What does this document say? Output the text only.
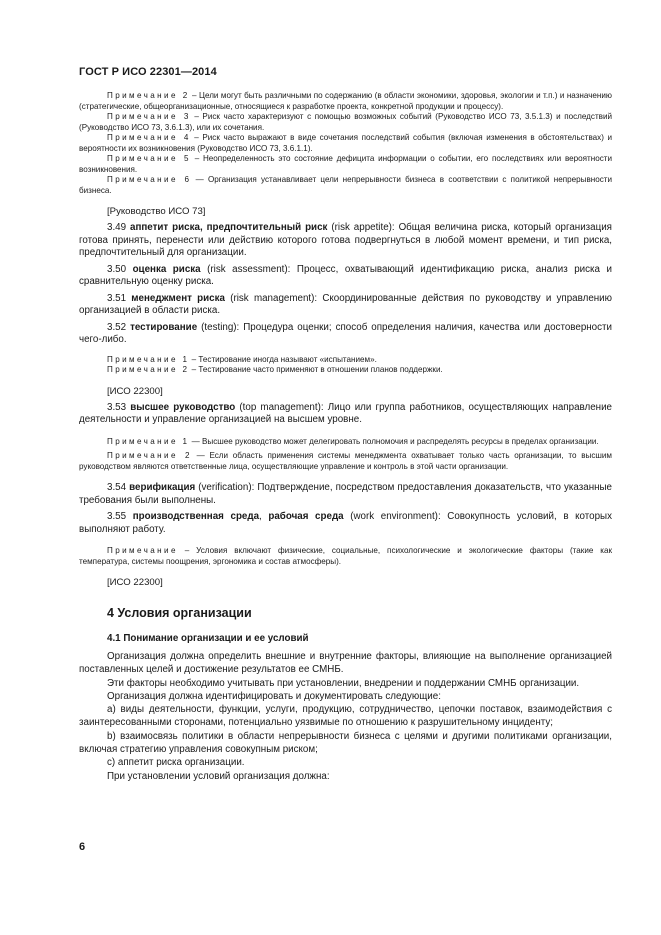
ГОСТ Р ИСО 22301—2014

Примечание 2 – Цели могут быть различными по содержанию (в области экономики, здоровья, экологии и т.п.) и назначению (стратегические, общеорганизационные, относящиеся к разработке проекта, конкретной продукции и процессу).

Примечание 3 – Риск часто характеризуют с помощью возможных событий (Руководство ИСО 73, 3.5.1.3) и последствий (Руководство ИСО 73, 3.6.1.3), или их сочетания.

Примечание 4 – Риск часто выражают в виде сочетания последствий события (включая изменения в обстоятельствах) и вероятности их возникновения (Руководство ИСО 73, 3.6.1.1).

Примечание 5 – Неопределенность это состояние дефицита информации о событии, его последствиях или вероятности возникновения.

Примечание 6 — Организация устанавливает цели непрерывности бизнеса в соответствии с политикой непрерывности бизнеса.

[Руководство ИСО 73]

3.49 аппетит риска, предпочтительный риск (risk appetite): Общая величина риска, который организация готова принять, перенести или действию которого готова подвергнуться в любой момент времени, и тип риска, предпочтительный для организации.

3.50 оценка риска (risk assessment): Процесс, охватывающий идентификацию риска, анализ риска и сравнительную оценку риска.

3.51 менеджмент риска (risk management): Скоординированные действия по руководству и управлению организацией в области риска.

3.52 тестирование (testing): Процедура оценки; способ определения наличия, качества или достоверности чего-либо.

Примечание 1 – Тестирование иногда называют «испытанием».

Примечание 2 – Тестирование часто применяют в отношении планов поддержки.

[ИСО 22300]

3.53 высшее руководство (top management): Лицо или группа работников, осуществляющих направление деятельности и управление организацией на высшем уровне.

Примечание 1 — Высшее руководство может делегировать полномочия и распределять ресурсы в пределах организации.

Примечание 2 — Если область применения системы менеджмента охватывает только часть организации, то высшим руководством являются ответственные лица, осуществляющие управление и контроль в этой части организации.

3.54 верификация (verification): Подтверждение, посредством предоставления доказательств, что указанные требования были выполнены.

3.55 производственная среда, рабочая среда (work environment): Совокупность условий, в которых выполняют работу.

Примечание – Условия включают физические, социальные, психологические и экологические факторы (такие как температура, системы поощрения, эргономика и состав атмосферы).

[ИСО 22300]

4 Условия организации
4.1 Понимание организации и ее условий

Организация должна определить внешние и внутренние факторы, влияющие на выполнение организацией поставленных целей и достижение результатов ее СМНБ.

Эти факторы необходимо учитывать при установлении, внедрении и поддержании СМНБ организации.

Организация должна идентифицировать и документировать следующие:

a) виды деятельности, функции, услуги, продукцию, сотрудничество, цепочки поставок, взаимодействия с заинтересованными сторонами, потенциально уязвимые по отношению к разрушительному инциденту;

b) взаимосвязь политики в области непрерывности бизнеса с целями и другими политиками организации, включая стратегию управления совокупным риском;

c) аппетит риска организации.

При установлении условий организация должна:

6
